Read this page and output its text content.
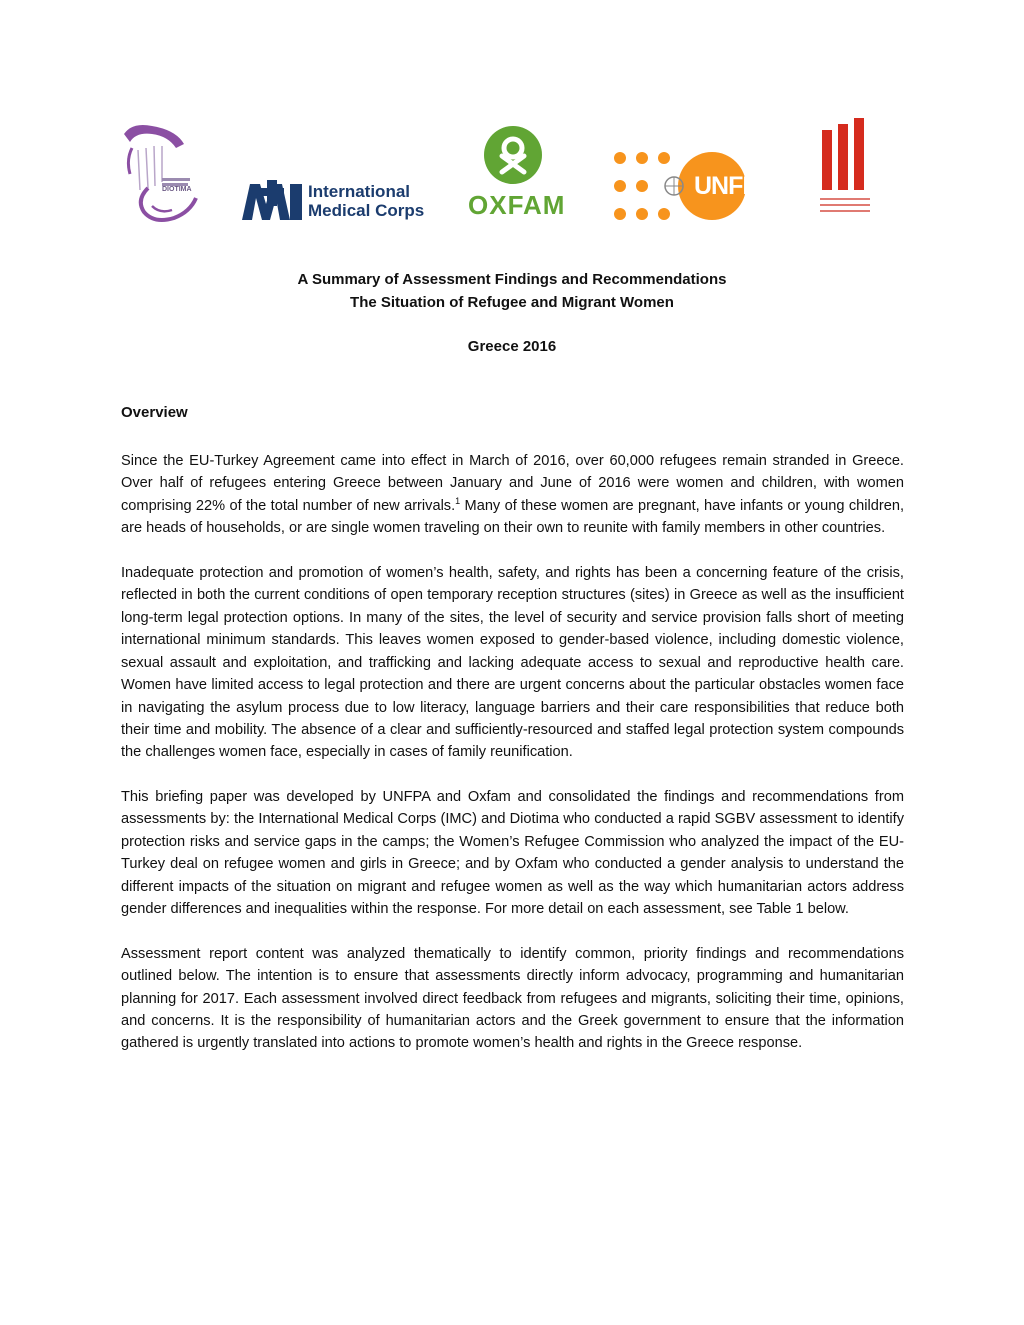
DIOTIMA	International
Medical Corps OXFAM
UNFPA
A Summary of Assessment Findings and Recommendations
The Situation of Refugee and Migrant Women
Greece 2016
Overview

Since the EU-Turkey Agreement came into effect in March of 2016, over 60,000 refugees remain stranded in Greece. Over half of refugees entering Greece between January and June of 2016 were women and children, with women comprising 22% of the total number of new arrivals.$^1$ Many of these women are pregnant, have infants or young children, are heads of households, or are single women traveling on their own to reunite with family members in other countries.

Inadequate protection and promotion of women’s health, safety, and rights has been a concerning feature of the crisis, reflected in both the current conditions of open temporary reception structures (sites) in Greece as well as the insufficient long-term legal protection options. In many of the sites, the level of security and service provision falls short of meeting international minimum standards. This leaves women exposed to gender-based violence, including domestic violence, sexual assault and exploitation, and trafficking and lacking adequate access to sexual and reproductive health care. Women have limited access to legal protection and there are urgent concerns about the particular obstacles women face in navigating the asylum process due to low literacy, language barriers and their care responsibilities that reduce both their time and mobility. The absence of a clear and sufficiently-resourced and staffed legal protection system compounds the challenges women face, especially in cases of family reunification.

This briefing paper was developed by UNFPA and Oxfam and consolidated the findings and recommendations from assessments by: the International Medical Corps (IMC) and Diotima who conducted a rapid SGBV assessment to identify protection risks and service gaps in the camps; the Women’s Refugee Commission who analyzed the impact of the EU-Turkey deal on refugee women and girls in Greece; and by Oxfam who conducted a gender analysis to understand the different impacts of the situation on migrant and refugee women as well as the way which humanitarian actors address gender differences and inequalities within the response. For more detail on each assessment, see Table 1 below.

Assessment report content was analyzed thematically to identify common, priority findings and recommendations outlined below. The intention is to ensure that assessments directly inform advocacy, programming and humanitarian planning for 2017. Each assessment involved direct feedback from refugees and migrants, soliciting their time, opinions, and concerns. It is the responsibility of humanitarian actors and the Greek government to ensure that the information gathered is urgently translated into actions to promote women’s health and rights in the Greece response.
